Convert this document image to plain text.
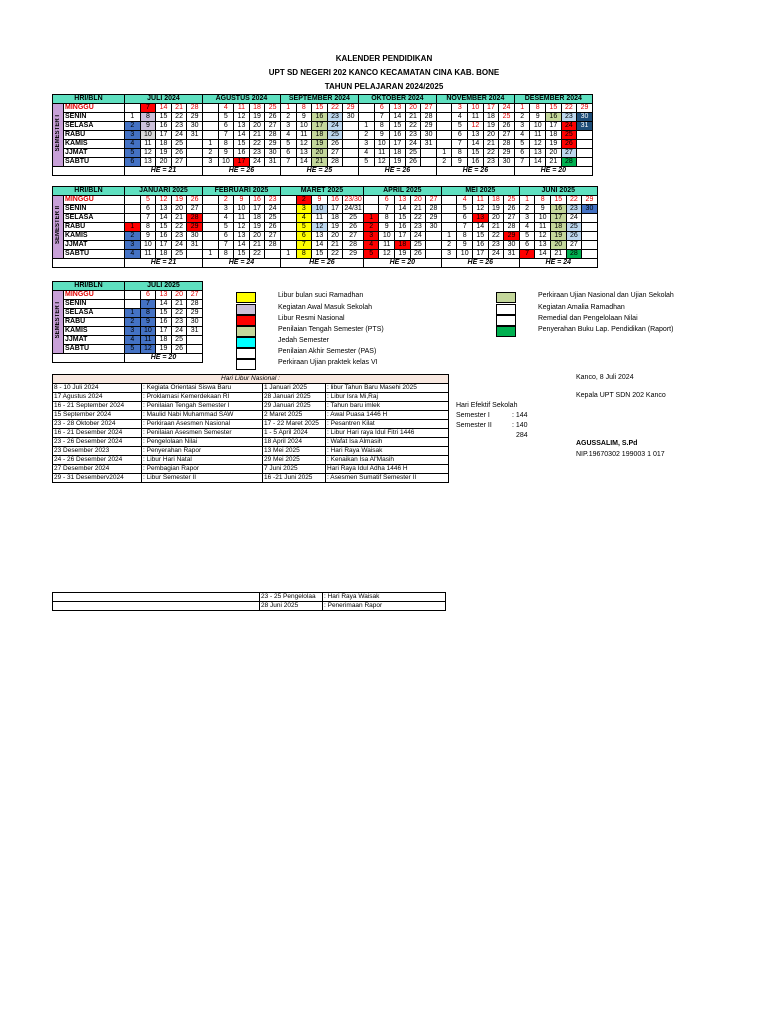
KALENDER PENDIDIKAN
UPT SD NEGERI 202 KANCO KECAMATAN CINA KAB. BONE
TAHUN PELAJARAN 2024/2025
HRI/BLN		JULI 2024					AGUSTUS 2024					SEPTEMBER 2024					OKTOBER 2024					NOVEMBER 2024					DESEMBER 2024				
SEMESTER I	MINGGU		7	14	21	28		4	11	18	25	1	8	15	22	29		6	13	20	27		3	10	17	24	1	8	15	22	29
	SENIN	1	8	15	22	29		5	12	19	26	2	9	16	23	30		7	14	21	28		4	11	18	25	2	9	16	23	30
	SELASA	2	9	16	23	30		6	13	20	27	3	10	17	24		1	8	15	22	29		5	12	19	26	3	10	17	24	31
	RABU	3	10	17	24	31		7	14	21	28	4	11	18	25		2	9	16	23	30		6	13	20	27	4	11	18	25	
	KAMIS	4	11	18	25		1	8	15	22	29	5	12	19	26		3	10	17	24	31		7	14	21	28	5	12	19	26	
	JJMAT	5	12	19	26		2	9	16	23	30	6	13	20	27		4	11	18	25		1	8	15	22	29	6	13	20	27	
	SABTU	6	13	20	27		3	10	17	24	31	7	14	21	28		5	12	19	26		2	9	16	23	30	7	14	21	28	
		HE = 21					HE = 26					HE = 25					HE = 26					HE = 26					HE = 20				
HRI/BLN		JANUARI 2025					FEBRUARI 2025					MARET 2025					APRIL 2025					MEI 2025					JUNI 2025				
SEMESTER II	MINGGU		5	12	19	26		2	9	16	23		2	9	16	23/30		6	13	20	27		4	11	18	25	1	8	15	22	29
	SENIN		6	13	20	27		3	10	17	24		3	10	17	24/31		7	14	21	28		5	12	19	26	2	9	16	23	30
	SELASA		7	14	21	28		4	11	18	25		4	11	18	25	1	8	15	22	29		6	13	20	27	3	10	17	24	
	RABU	1	8	15	22	29		5	12	19	26		5	12	19	26	2	9	16	23	30		7	14	21	28	4	11	18	25	
	KAMIS	2	9	16	23	30		6	13	20	27		6	13	20	27	3	10	17	24		1	8	15	22	29	5	12	19	26	
	JJMAT	3	10	17	24	31		7	14	21	28		7	14	21	28	4	11	18	25		2	9	16	23	30	6	13	20	27	
	SABTU	4	11	18	25		1	8	15	22		1	8	15	22	29	5	12	19	26		3	10	17	24	31	7	14	21	28	
		HE = 21					HE = 24					HE = 26					HE = 20					HE = 26					HE = 24				
HRI/BLN		JULI 2025				
SEMESTER I	MINGGU		6	13	20	27
	SENIN		7	14	21	28
	SELASA	1	8	15	22	29
	RABU	2	9	16	23	30
	KAMIS	3	10	17	24	31
	JJMAT	4	11	18	25	
	SABTU	5	12	19	26	
		HE = 20				
Libur bulan suci Ramadhan
Kegiatan Awal Masuk Sekolah
Libur Resmi Nasional
Penilaian Tengah Semester (PTS)
Jedah Semester
Penilaian Akhir Semester (PAS)
Perkiraan Ujian praktek kelas VI
Perkiraan Ujian Nasional dan Ujian Sekolah
Kegiatan Amalia Ramadhan
Remedial dan Pengelolaan Nilai
Penyerahan Buku Lap. Pendidikan (Raport)
Hari Libur Nasional :			
8 - 10 Juli 2024	: Kegiata Orientasi Siswa Baru	1 Januari 2025	: libur Tahun Baru Masehi 2025
17 Agustus 2024	: Proklamasi Kemerdekaan RI	28 Januari 2025	: Libur Isra Mi,Raj
16 - 21 September 2024	: Penilaian Tengah Semester I	29 Januari 2025	: Tahun baru imlek
15 September 2024	: Maulid Nabi Muhammad SAW	2 Maret 2025	: Awal Puasa 1446 H
23 - 28 Oktober 2024	: Perkiraan Asesmen Nasional	17 - 22 Maret 2025	: Pesantren Kilat
16 - 21 Desember 2024	: Penilaian Asesmen Semester	1 - 5 April 2024	: Libur Hari raya Idul Fitri 1446
23 - 26 Desember 2024	: Pengelolaan Nilai	18 April 2024	: Wafat Isa Almasih
23 Desember 2023	: Penyerahan Rapor	13 Mei 2025	: Hari Raya Waisak
24 - 26 Desember 2024	: Libur Hari Natal	29 Mei 2025	: Kenaikan Isa Al'Masih
27 Desember 2024	: Pembagian Rapor	7 Juni 2025	Hari Raya Idul Adha 1446 H
29 - 31 Desemberv2024	: Libur Semester II	16 -21 Juni 2025	: Asesmen Sumatif Semester II
	23 - 25 Pengelolaa	: Hari Raya Waisak
	28 Juni 2025	: Penerimaan Rapor
Kanco, 8 Juli 2024
Kepala UPT SDN 202 Kanco
Hari Efektif Sekolah
Semester I	: 144
Semester II	: 140
284
AGUSSALIM, S.Pd
NIP.19670302 199003 1 017
